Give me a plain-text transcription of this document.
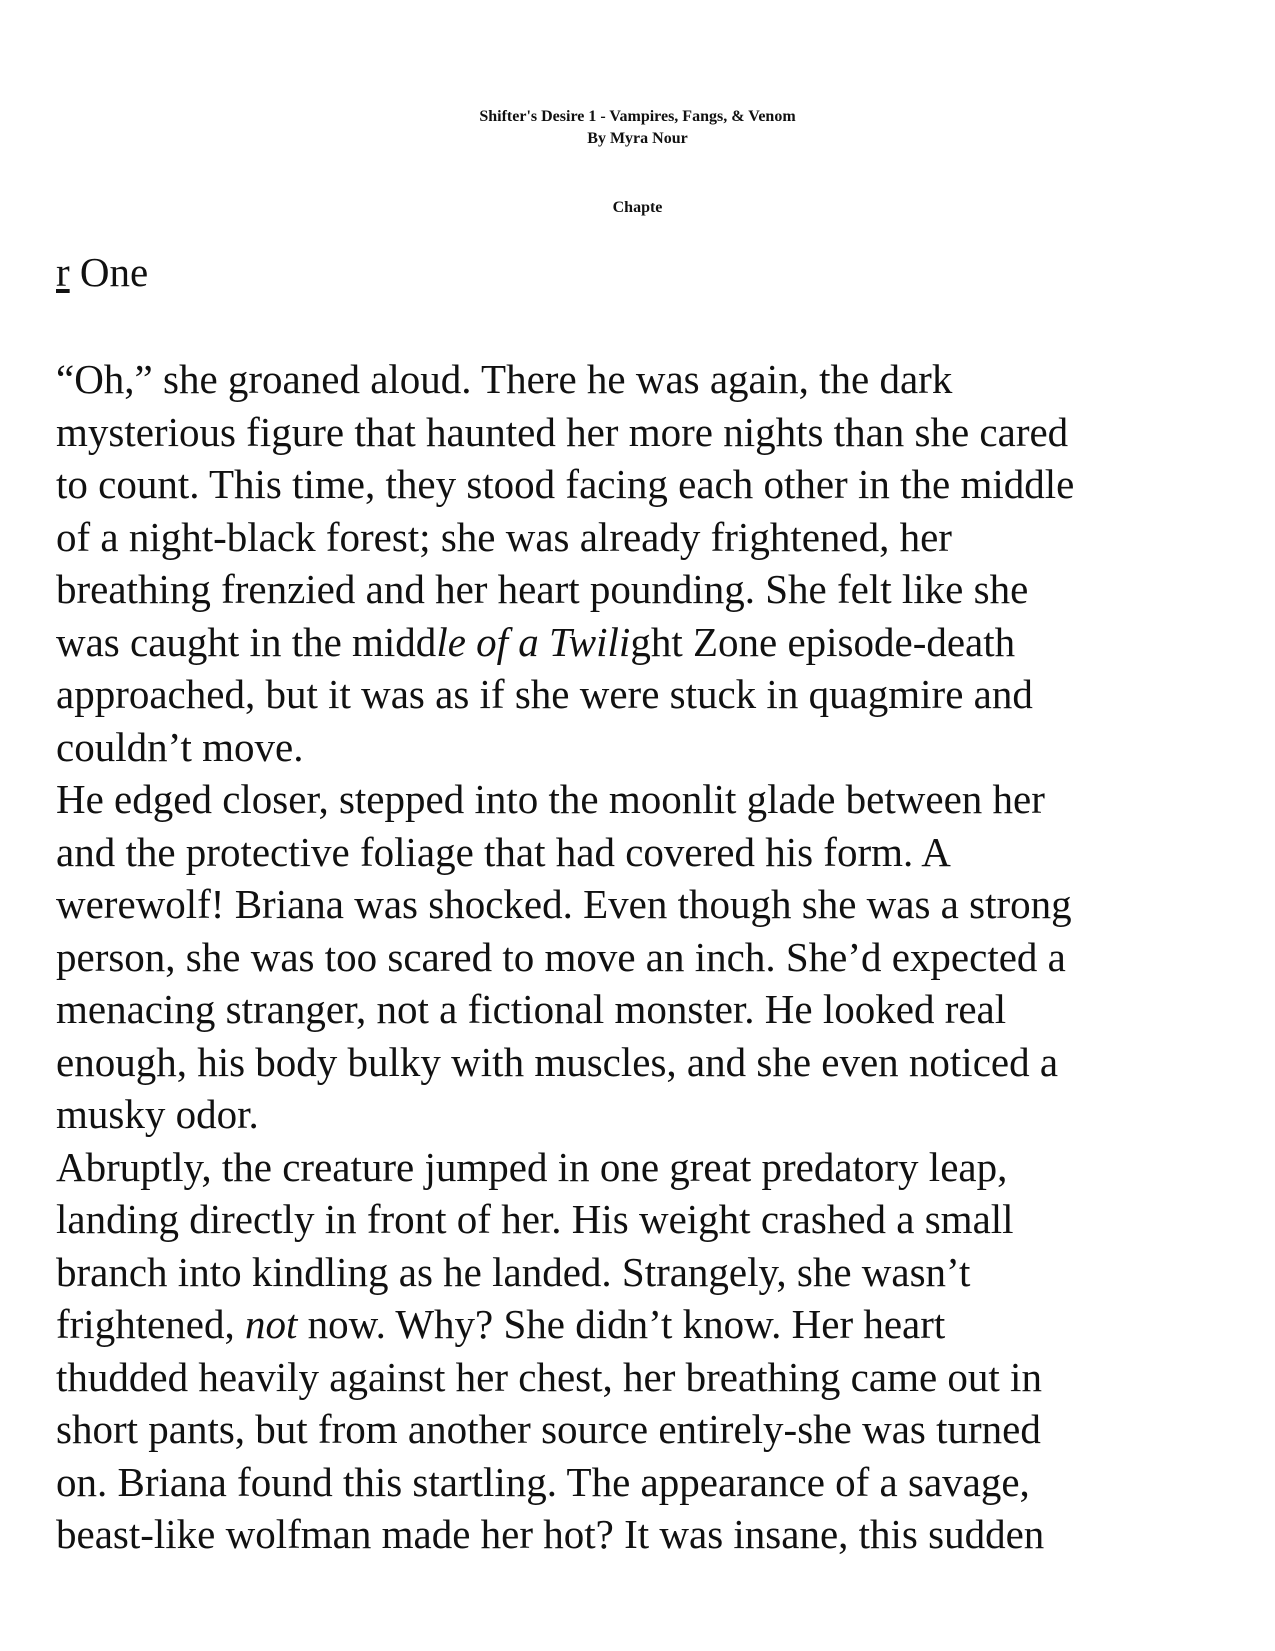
Shifter's Desire 1 - Vampires, Fangs, & Venom
By Myra Nour
Chapte
r One
“Oh,” she groaned aloud. There he was again, the dark
mysterious figure that haunted her more nights than she cared
to count. This time, they stood facing each other in the middle
of a night-black forest; she was already frightened, her
breathing frenzied and her heart pounding. She felt like she
was caught in the middle of a Twilight Zone episode-death
approached, but it was as if she were stuck in quagmire and
couldn’t move.
He edged closer, stepped into the moonlit glade between her
and the protective foliage that had covered his form. A
werewolf! Briana was shocked. Even though she was a strong
person, she was too scared to move an inch. She’d expected a
menacing stranger, not a fictional monster. He looked real
enough, his body bulky with muscles, and she even noticed a
musky odor.
Abruptly, the creature jumped in one great predatory leap,
landing directly in front of her. His weight crashed a small
branch into kindling as he landed. Strangely, she wasn’t
frightened, not now. Why? She didn’t know. Her heart
thudded heavily against her chest, her breathing came out in
short pants, but from another source entirely-she was turned
on. Briana found this startling. The appearance of a savage,
beast-like wolfman made her hot? It was insane, this sudden
